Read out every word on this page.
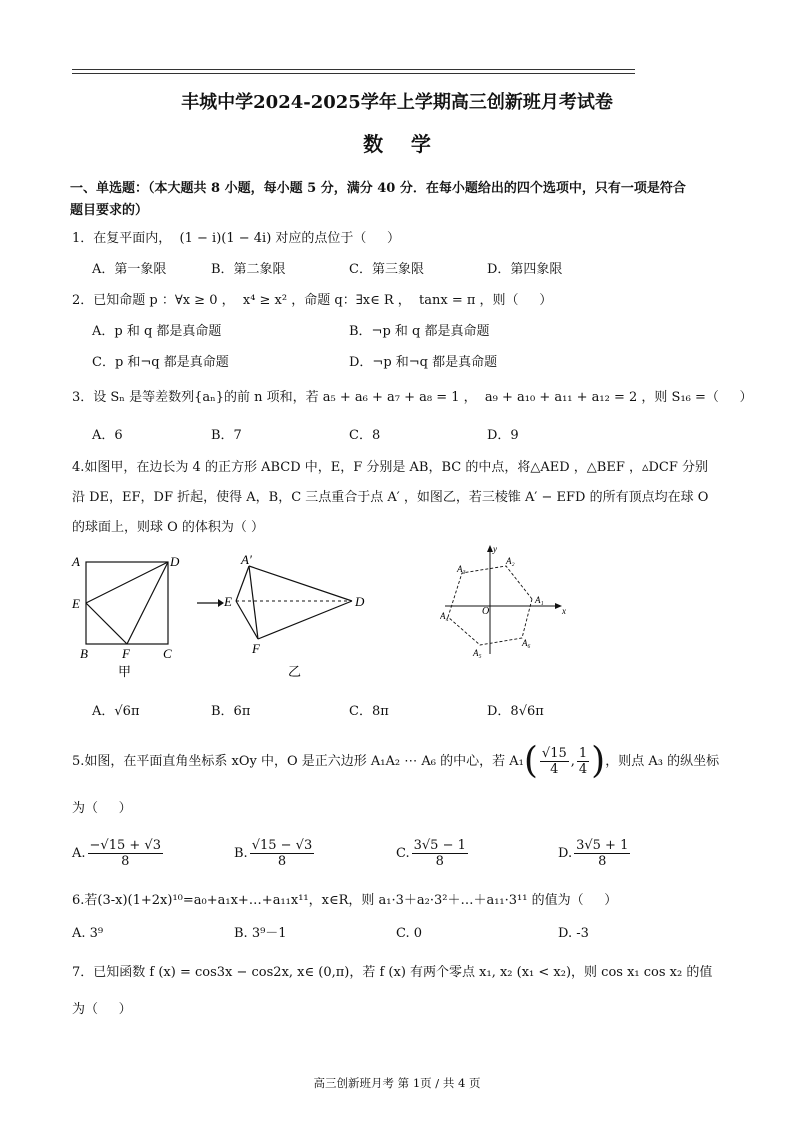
丰城中学2024-2025学年上学期高三创新班月考试卷
数    学
一、单选题：（本大题共 8 小题，每小题 5 分，满分 40 分．在每小题给出的四个选项中，只有一项是符合
题目要求的）
1．在复平面内，  (1 − i)(1 − 4i) 对应的点位于（     ）
A．第一象限	B．第二象限	C．第三象限	D．第四象限
2．已知命题 p ：∀x ≥ 0 ，  x⁴ ≥ x² ，命题 q：∃x∈ R ，  tanx = π ，则（     ）
A．p 和 q 都是真命题	B．¬p 和 q 都是真命题
C．p 和¬q 都是真命题	D．¬p 和¬q 都是真命题
3．设 Sₙ 是等差数列{aₙ}的前 n 项和，若 a₅ + a₆ + a₇ + a₈ = 1 ，  a₉ + a₁₀ + a₁₁ + a₁₂ = 2 ，则 S₁₆ =（     ）
A．6	B．7	C．8	D．9
4.如图甲，在边长为 4 的正方形 ABCD 中，E，F 分别是 AB，BC 的中点，将△AED ，△BEF ，▵DCF 分别
沿 DE，EF，DF 折起，使得 A，B，C 三点重合于点 A′ ，如图乙，若三棱锥 A′ − EFD 的所有顶点均在球 O
的球面上，则球 O 的体积为（ ）
A	D
E
B	F	C
甲
A′
E	D
F
乙
y
x
O
A₁
A₂
A₃
A₄
A₅
A₆
A．√6π	B．6π	C．8π	D．8√6π
5.如图，在平面直角坐标系 xOy 中，O 是正六边形 A₁A₂ ⋯ A₆ 的中心，若 $A_1( \frac{√15}{4}$ , $\frac{1}{4}$ )，则点 A₃ 的纵坐标
为（     ）
A. $\frac{-√15 + √3}{8}$	B. $\frac{√15 - √3}{8}$	C. $\frac{3√5 - 1}{8}$	D. $\frac{3√5 + 1}{8}$
6.若(3-x)(1+2x)¹⁰=a₀+a₁x+…+a₁₁x¹¹，x∈R，则 a₁·3＋a₂·3²＋…＋a₁₁·3¹¹ 的值为（     ）
A. 3⁹	B. 3⁹－1	C. 0	D. -3
7．已知函数 f (x) = cos3x − cos2x, x∈ (0,π)，若 f (x) 有两个零点 x₁, x₂ (x₁ < x₂)，则 cos x₁ cos x₂ 的值
为（     ）
高三创新班月考 第 1页 / 共 4 页
